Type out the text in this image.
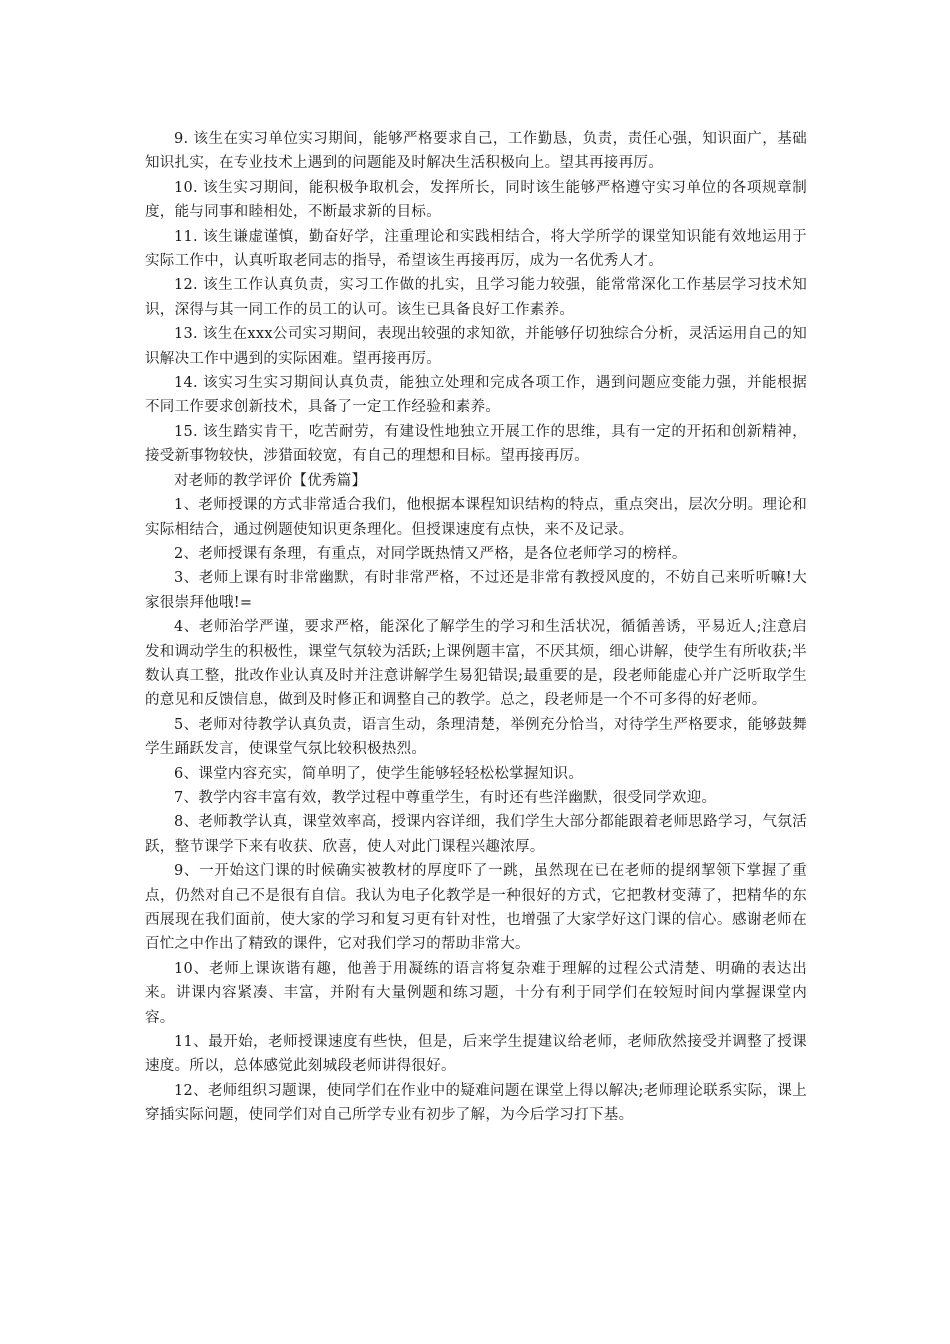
9. 该生在实习单位实习期间，能够严格要求自己，工作勤恳，负责，责任心强，知识面广，基础知识扎实，在专业技术上遇到的问题能及时解决生活积极向上。望其再接再厉。

10. 该生实习期间，能积极争取机会，发挥所长，同时该生能够严格遵守实习单位的各项规章制度，能与同事和睦相处，不断最求新的目标。

11. 该生谦虚谨慎，勤奋好学，注重理论和实践相结合，将大学所学的课堂知识能有效地运用于实际工作中，认真听取老同志的指导，希望该生再接再厉，成为一名优秀人才。

12. 该生工作认真负责，实习工作做的扎实，且学习能力较强，能常常深化工作基层学习技术知识，深得与其一同工作的员工的认可。该生已具备良好工作素养。

13. 该生在xxx公司实习期间，表现出较强的求知欲，并能够仔切独综合分析，灵活运用自己的知识解决工作中遇到的实际困难。望再接再厉。

14. 该实习生实习期间认真负责，能独立处理和完成各项工作，遇到问题应变能力强，并能根据不同工作要求创新技术，具备了一定工作经验和素养。

15. 该生踏实肯干，吃苦耐劳，有建设性地独立开展工作的思维，具有一定的开拓和创新精神，接受新事物较快，涉猎面较宽，有自己的理想和目标。望再接再厉。

对老师的教学评价【优秀篇】

1、老师授课的方式非常适合我们，他根据本课程知识结构的特点，重点突出，层次分明。理论和实际相结合，通过例题使知识更条理化。但授课速度有点快，来不及记录。

2、老师授课有条理，有重点，对同学既热情又严格，是各位老师学习的榜样。

3、老师上课有时非常幽默，有时非常严格，不过还是非常有教授风度的，不妨自己来听听嘛!大家很崇拜他哦!=

4、老师治学严谨，要求严格，能深化了解学生的学习和生活状况，循循善诱，平易近人;注意启发和调动学生的积极性，课堂气氛较为活跃;上课例题丰富，不厌其烦，细心讲解，使学生有所收获;半数认真工整，批改作业认真及时并注意讲解学生易犯错误;最重要的是，段老师能虚心并广泛听取学生的意见和反馈信息，做到及时修正和调整自己的教学。总之，段老师是一个不可多得的好老师。

5、老师对待教学认真负责，语言生动，条理清楚，举例充分恰当，对待学生严格要求，能够鼓舞学生踊跃发言，使课堂气氛比较积极热烈。

6、课堂内容充实，简单明了，使学生能够轻轻松松掌握知识。

7、教学内容丰富有效，教学过程中尊重学生，有时还有些洋幽默，很受同学欢迎。

8、老师教学认真，课堂效率高，授课内容详细，我们学生大部分都能跟着老师思路学习，气氛活跃，整节课学下来有收获、欣喜，使人对此门课程兴趣浓厚。

9、一开始这门课的时候确实被教材的厚度吓了一跳，虽然现在已在老师的提纲挈领下掌握了重点，仍然对自己不是很有自信。我认为电子化教学是一种很好的方式，它把教材变薄了，把精华的东西展现在我们面前，使大家的学习和复习更有针对性，也增强了大家学好这门课的信心。感谢老师在百忙之中作出了精致的课件，它对我们学习的帮助非常大。

10、老师上课诙谐有趣，他善于用凝练的语言将复杂难于理解的过程公式清楚、明确的表达出来。讲课内容紧凑、丰富，并附有大量例题和练习题，十分有利于同学们在较短时间内掌握课堂内容。

11、最开始，老师授课速度有些快，但是，后来学生提建议给老师，老师欣然接受并调整了授课速度。所以，总体感觉此刻城段老师讲得很好。

12、老师组织习题课，使同学们在作业中的疑难问题在课堂上得以解决;老师理论联系实际，课上穿插实际问题，使同学们对自己所学专业有初步了解，为今后学习打下基。
